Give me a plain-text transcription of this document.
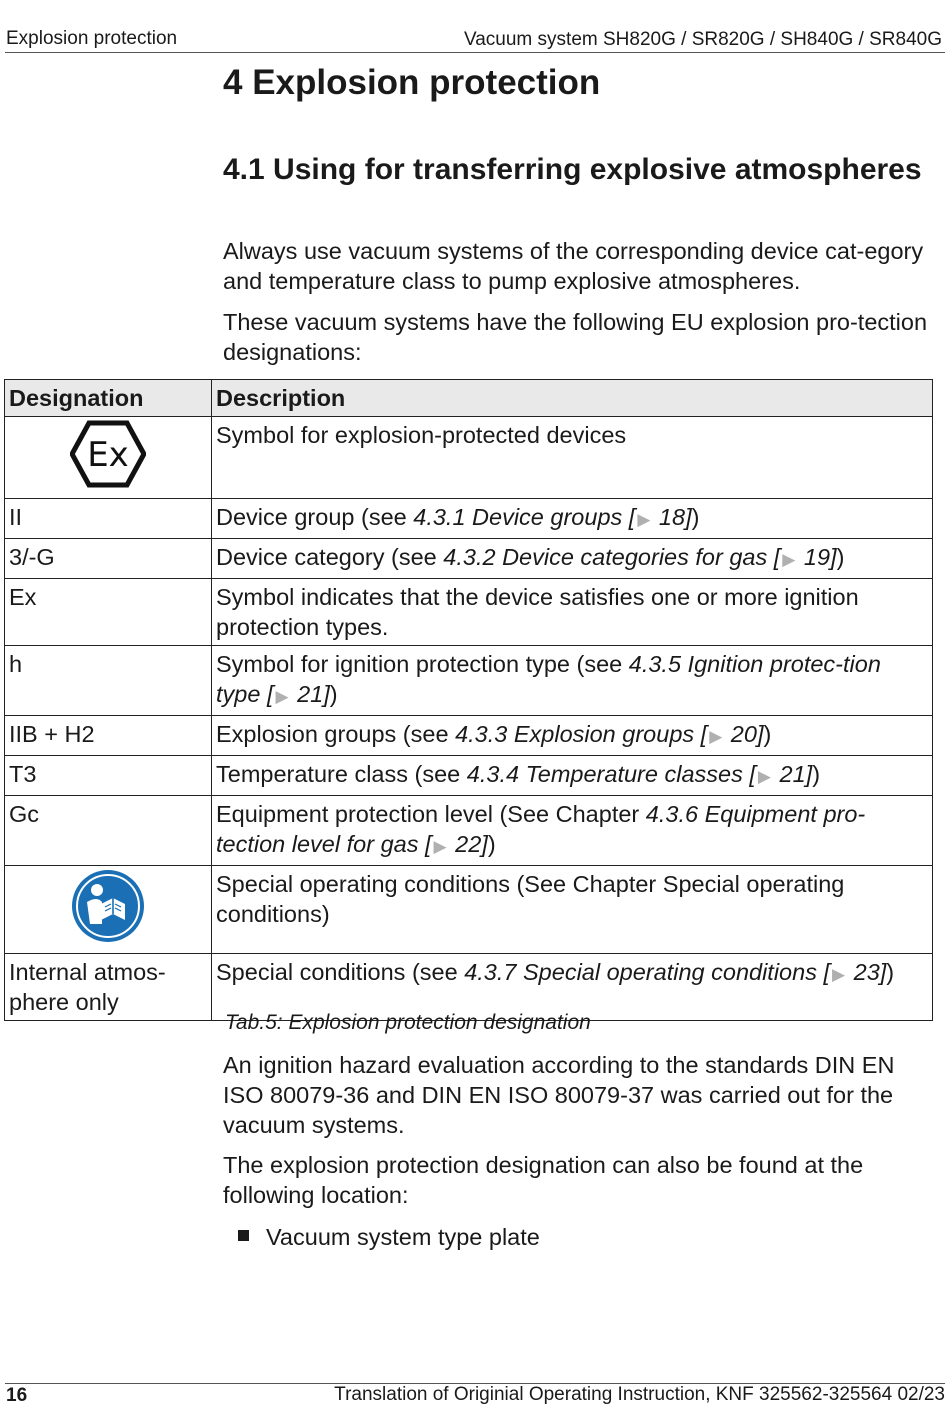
Explosion protection	Vacuum system SH820G / SR820G / SH840G / SR840G
4 Explosion protection
4.1 Using for transferring explosive atmospheres
Always use vacuum systems of the corresponding device cat-egory and temperature class to pump explosive atmospheres.
These vacuum systems have the following EU explosion pro-tection designations:
Designation	Description

Ex	Symbol for explosion-protected devices
II	Device group (see 4.3.1 Device groups [ ▶ 18])
3/-G	Device category (see 4.3.2 Device categories for gas [ ▶ 19])
Ex	Symbol indicates that the device satisfies one or more ignition protection types.
h	Symbol for ignition protection type (see 4.3.5 Ignition protec-tion type [ ▶ 21])
IIB + H2	Explosion groups (see 4.3.3 Explosion groups [ ▶ 20])
T3	Temperature class (see 4.3.4 Temperature classes [ ▶ 21])
Gc	Equipment protection level (See Chapter 4.3.6 Equipment pro-tection level for gas [ ▶ 22])
	Special operating conditions (See Chapter Special operating conditions)
Internal atmos-phere only	Special conditions (see 4.3.7 Special operating conditions [ ▶ 23])
Tab.5: Explosion protection designation
An ignition hazard evaluation according to the standards DIN EN ISO 80079-36 and DIN EN ISO 80079-37 was carried out for the vacuum systems.
The explosion protection designation can also be found at the following location:
Vacuum system type plate
16	Translation of Originial Operating Instruction, KNF 325562-325564 02/23
